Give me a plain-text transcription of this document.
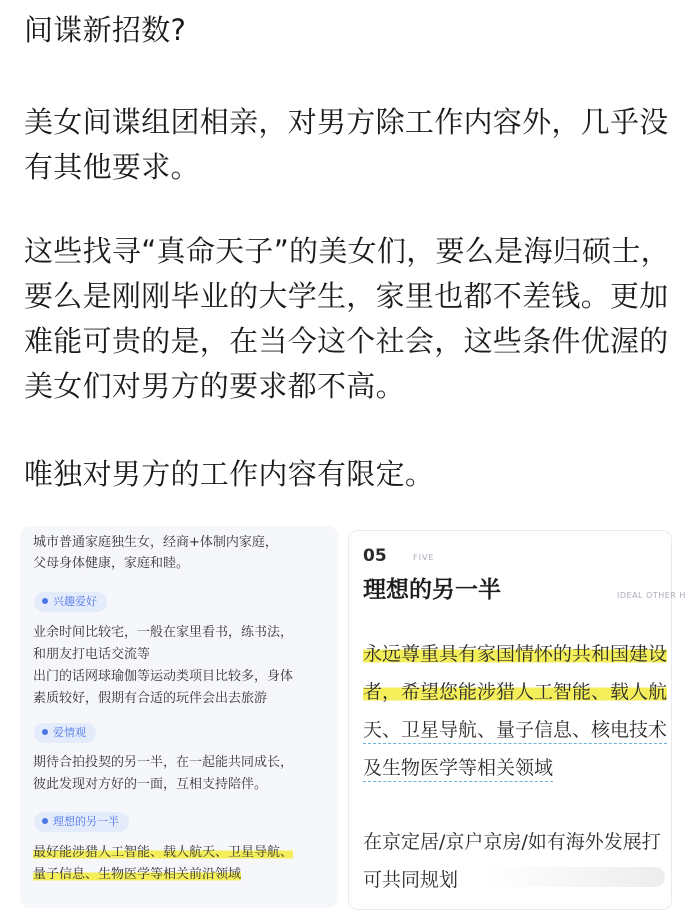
间谍新招数?

美女间谍组团相亲，对男方除工作内容外，几乎没有其他要求。

这些找寻“真命天子”的美女们，要么是海归硕士，要么是刚刚毕业的大学生，家里也都不差钱。更加难能可贵的是，在当今这个社会，这些条件优渥的美女们对男方的要求都不高。

唯独对男方的工作内容有限定。

城市普通家庭独生女，经商+体制内家庭，
父母身体健康，家庭和睦。
兴趣爱好
业余时间比较宅，一般在家里看书，练书法，
和朋友打电话交流等
出门的话网球瑜伽等运动类项目比较多，身体
素质较好，假期有合适的玩伴会出去旅游
爱情观
期待合拍投契的另一半，在一起能共同成长，
彼此发现对方好的一面，互相支持陪伴。
理想的另一半
最好能涉猎人工智能、载人航天、卫星导航、
量子信息、生物医学等相关前沿领域
05	FIVE
理想的另一半	IDEAL OTHER H
永远尊重具有家国情怀的共和国建设
者，希望您能涉猎人工智能、载人航
天、卫星导航、量子信息、核电技术
及生物医学等相关领域
在京定居/京户京房/如有海外发展打
可共同规划
